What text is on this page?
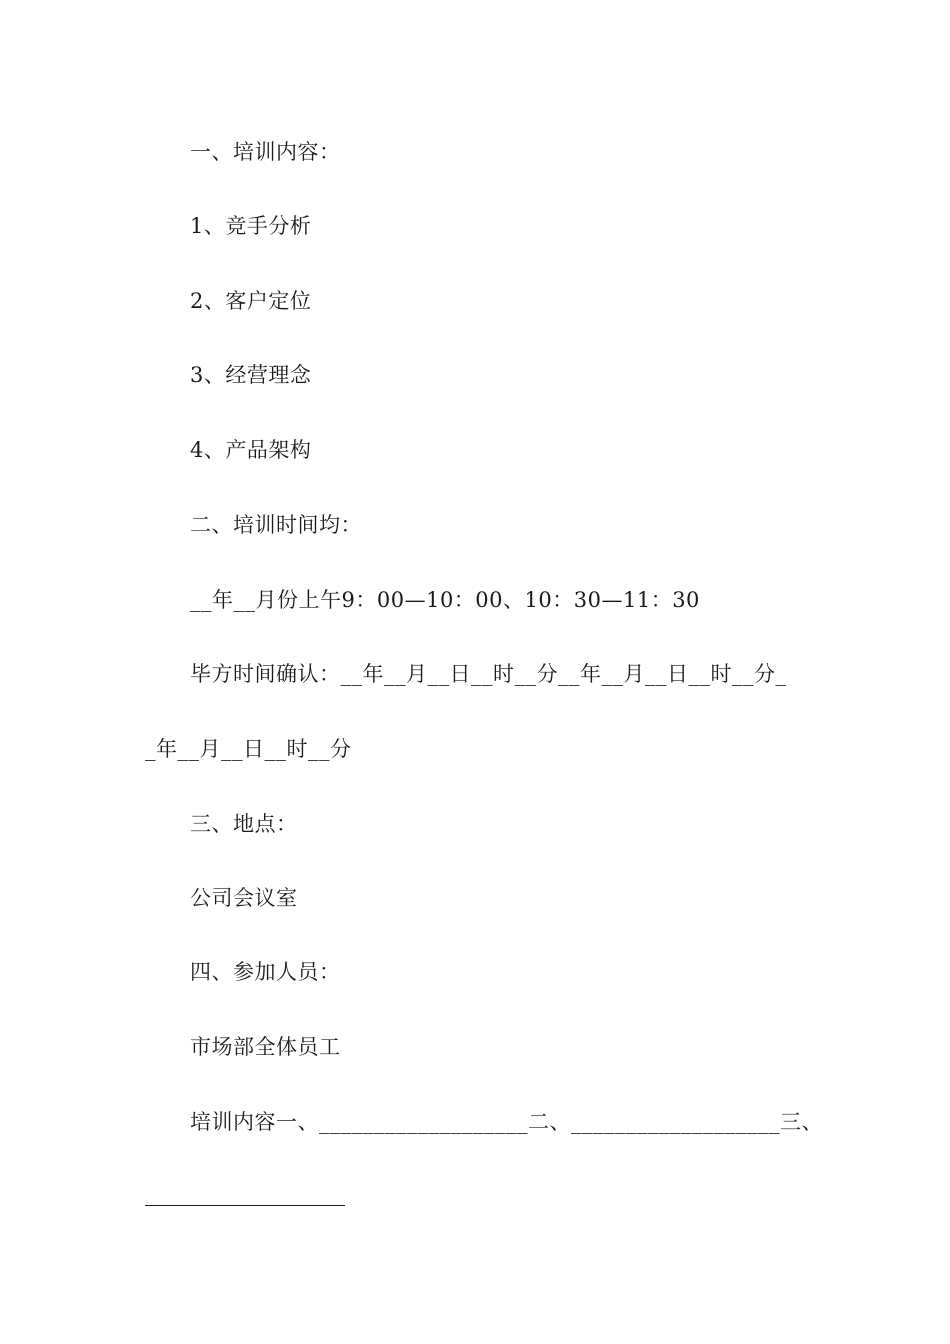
一、培训内容：
1、竞手分析
2、客户定位
3、经营理念
4、产品架构
二、培训时间均：
__年__月份上午9：00—10：00、10：30—11：30
毕方时间确认：__年__月__日__时__分__年__月__日__时__分_
_年__月__日__时__分
三、地点：
公司会议室
四、参加人员：
市场部全体员工
培训内容一、___________________二、___________________三、
